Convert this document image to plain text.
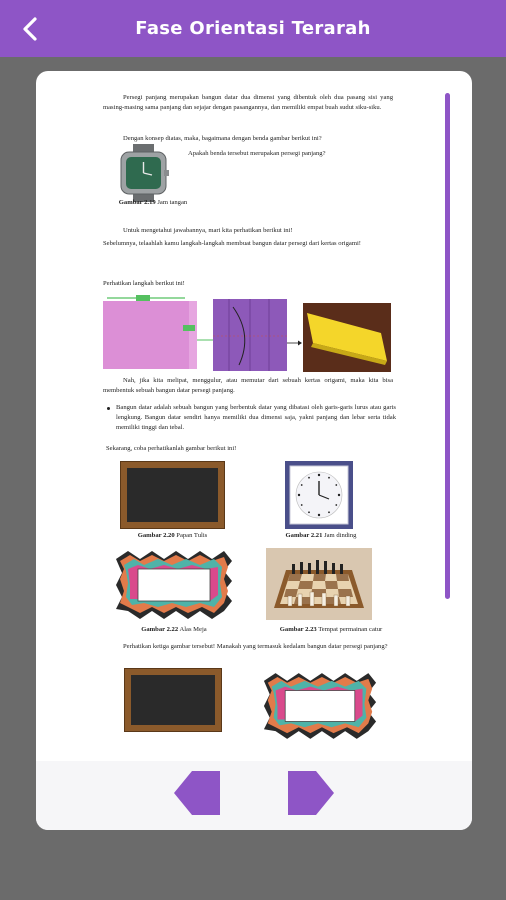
Fase Orientasi Terarah

Persegi panjang merupakan bangun datar dua dimensi yang dibentuk oleh dua pasang sisi yang masing-masing sama panjang dan sejajar dengan pasangannya, dan memiliki empat buah sudut siku-siku.

Dengan konsep diatas, maka, bagaimana dengan benda gambar berikut ini?

Apakah benda tersebut merupakan persegi panjang?

Gambar 2.19 Jam tangan

Untuk mengetahui jawabannya, mari kita perhatikan berikut ini!

Sebelumnya, telaahlah kamu langkah-langkah membuat bangun datar persegi dari kertas origami!

Perhatikan langkah berikut ini!

Nah, jika kita melipat, menggulur, atau memutar dari sebuah kertas origami, maka kita bisa membentuk sebuah bangun datar persegi panjang.

Bangun datar adalah sebuah bangun yang berbentuk datar yang dibatasi oleh garis-garis lurus atau garis lengkung. Bangun datar sendiri hanya memiliki dua dimensi saja, yakni panjang dan lebar serta tidak memiliki tinggi dan tebal.

Sekarang, coba perhatikanlah gambar berikut ini!

Gambar 2.20 Papan Tulis	Gambar 2.21 Jam dinding
Gambar 2.22 Alas Meja	Gambar 2.23 Tempat permainan catur

Perhatikan ketiga gambar tersebut! Manakah yang termasuk kedalam bangun datar persegi panjang?
